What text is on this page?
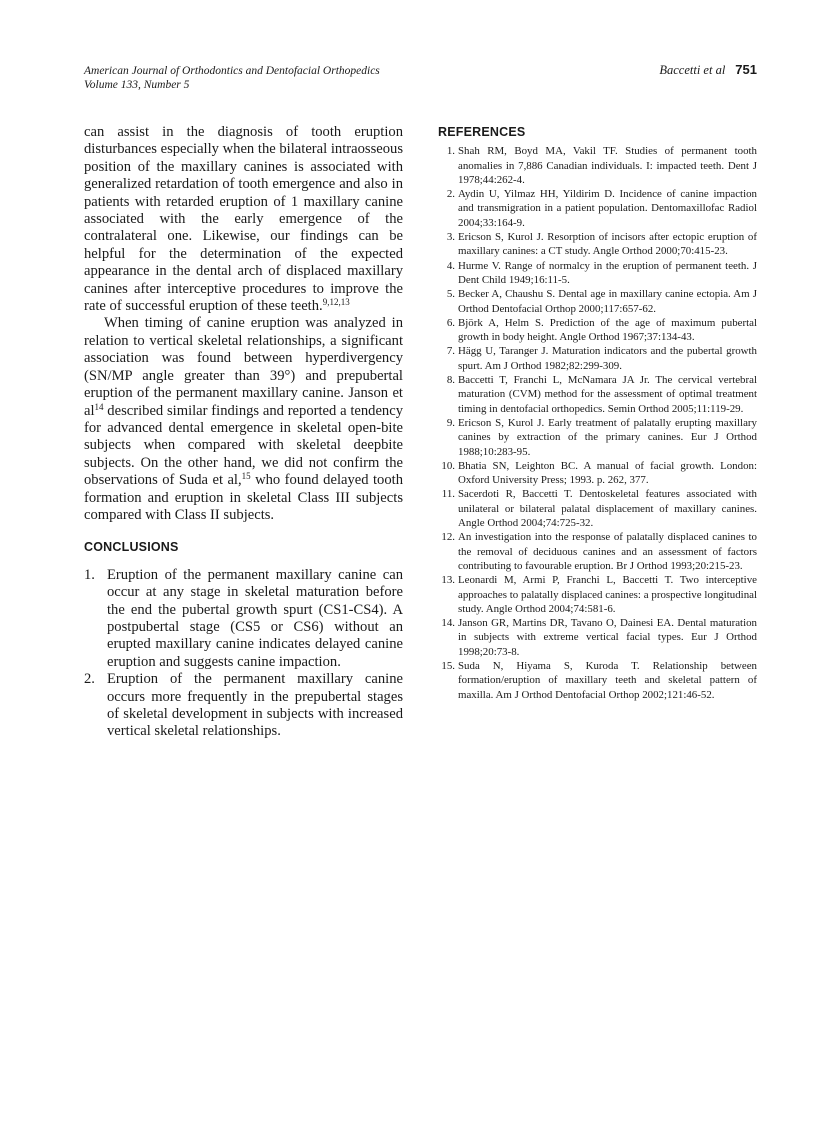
American Journal of Orthodontics and Dentofacial Orthopedics
Volume 133, Number 5
Baccetti et al 751

can assist in the diagnosis of tooth eruption disturbances especially when the bilateral intraosseous position of the maxillary canines is associated with generalized retardation of tooth emergence and also in patients with retarded eruption of 1 maxillary canine associated with the early emergence of the contralateral one. Likewise, our findings can be helpful for the determination of the expected appearance in the dental arch of displaced maxillary canines after interceptive procedures to improve the rate of successful eruption of these teeth.$^{9,12,13}$

When timing of canine eruption was analyzed in relation to vertical skeletal relationships, a significant association was found between hyperdivergency (SN/MP angle greater than 39°) and prepubertal eruption of the permanent maxillary canine. Janson et $al^{14}$ described similar findings and reported a tendency for advanced dental emergence in skeletal open-bite subjects when compared with skeletal deepbite subjects. On the other hand, we did not confirm the observations of Suda et al,$^{15}$ who found delayed tooth formation and eruption in skeletal Class III subjects compared with Class II subjects.

CONCLUSIONS
1. Eruption of the permanent maxillary canine can occur at any stage in skeletal maturation before the end the pubertal growth spurt (CS1-CS4). A postpubertal stage (CS5 or CS6) without an erupted maxillary canine indicates delayed canine eruption and suggests canine impaction.
2. Eruption of the permanent maxillary canine occurs more frequently in the prepubertal stages of skeletal development in subjects with increased vertical skeletal relationships.
REFERENCES
1. Shah RM, Boyd MA, Vakil TF. Studies of permanent tooth anomalies in 7,886 Canadian individuals. I: impacted teeth. Dent J 1978;44:262-4.
2. Aydin U, Yilmaz HH, Yildirim D. Incidence of canine impaction and transmigration in a patient population. Dentomaxillofac Radiol 2004;33:164-9.
3. Ericson S, Kurol J. Resorption of incisors after ectopic eruption of maxillary canines: a CT study. Angle Orthod 2000;70:415-23.
4. Hurme V. Range of normalcy in the eruption of permanent teeth. J Dent Child 1949;16:11-5.
5. Becker A, Chaushu S. Dental age in maxillary canine ectopia. Am J Orthod Dentofacial Orthop 2000;117:657-62.
6. Björk A, Helm S. Prediction of the age of maximum pubertal growth in body height. Angle Orthod 1967;37:134-43.
7. Hägg U, Taranger J. Maturation indicators and the pubertal growth spurt. Am J Orthod 1982;82:299-309.
8. Baccetti T, Franchi L, McNamara JA Jr. The cervical vertebral maturation (CVM) method for the assessment of optimal treatment timing in dentofacial orthopedics. Semin Orthod 2005;11:119-29.
9. Ericson S, Kurol J. Early treatment of palatally erupting maxillary canines by extraction of the primary canines. Eur J Orthod 1988;10:283-95.
10. Bhatia SN, Leighton BC. A manual of facial growth. London: Oxford University Press; 1993. p. 262, 377.
11. Sacerdoti R, Baccetti T. Dentoskeletal features associated with unilateral or bilateral palatal displacement of maxillary canines. Angle Orthod 2004;74:725-32.
12. An investigation into the response of palatally displaced canines to the removal of deciduous canines and an assessment of factors contributing to favourable eruption. Br J Orthod 1993;20:215-23.
13. Leonardi M, Armi P, Franchi L, Baccetti T. Two interceptive approaches to palatally displaced canines: a prospective longitudinal study. Angle Orthod 2004;74:581-6.
14. Janson GR, Martins DR, Tavano O, Dainesi EA. Dental maturation in subjects with extreme vertical facial types. Eur J Orthod 1998;20:73-8.
15. Suda N, Hiyama S, Kuroda T. Relationship between formation/eruption of maxillary teeth and skeletal pattern of maxilla. Am J Orthod Dentofacial Orthop 2002;121:46-52.
